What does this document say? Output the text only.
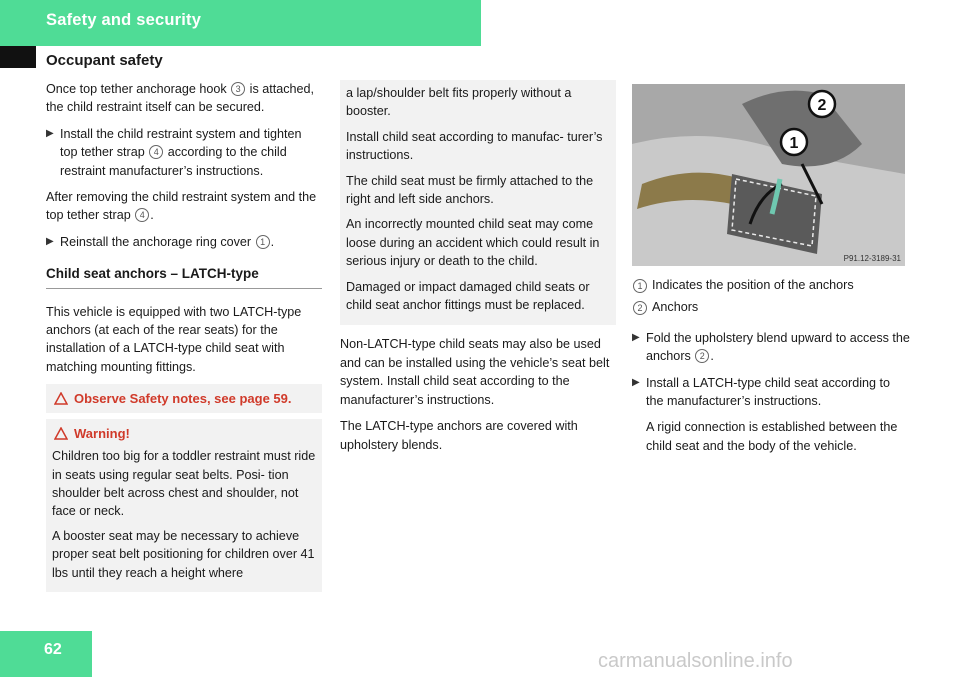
Safety and security
Occupant safety

Once top tether anchorage hook 3 is attached, the child restraint itself can be secured.

▶ Install the child restraint system and tighten top tether strap 4 according to the child restraint manufacturer’s instructions.

After removing the child restraint system and the top tether strap 4 .

▶ Reinstall the anchorage ring cover 1 .
Child seat anchors – LATCH-type

This vehicle is equipped with two LATCH-type anchors (at each of the rear seats) for the installation of a LATCH-type child seat with matching mounting fittings.

Observe Safety notes, see page 59.
Warning!

Children too big for a toddler restraint must ride in seats using regular seat belts. Posi- tion shoulder belt across chest and shoulder, not face or neck.

A booster seat may be necessary to achieve proper seat belt positioning for children over 41 lbs until they reach a height where

a lap/shoulder belt fits properly without a booster.

Install child seat according to manufac- turer’s instructions.

The child seat must be firmly attached to the right and left side anchors.

An incorrectly mounted child seat may come loose during an accident which could result in serious injury or death to the child.

Damaged or impact damaged child seats or child seat anchor fittings must be replaced.

Non-LATCH-type child seats may also be used and can be installed using the vehicle’s seat belt system. Install child seat according to the manufacturer’s instructions.

The LATCH-type anchors are covered with upholstery blends.

1
2
P91.12-3189-31
1 Indicates the position of the anchors
2 Anchors
▶ Fold the upholstery blend upward to access the anchors 2 .
▶ Install a LATCH-type child seat according to the manufacturer’s instructions.

A rigid connection is established between the child seat and the body of the vehicle.

62
carmanualsonline.info
